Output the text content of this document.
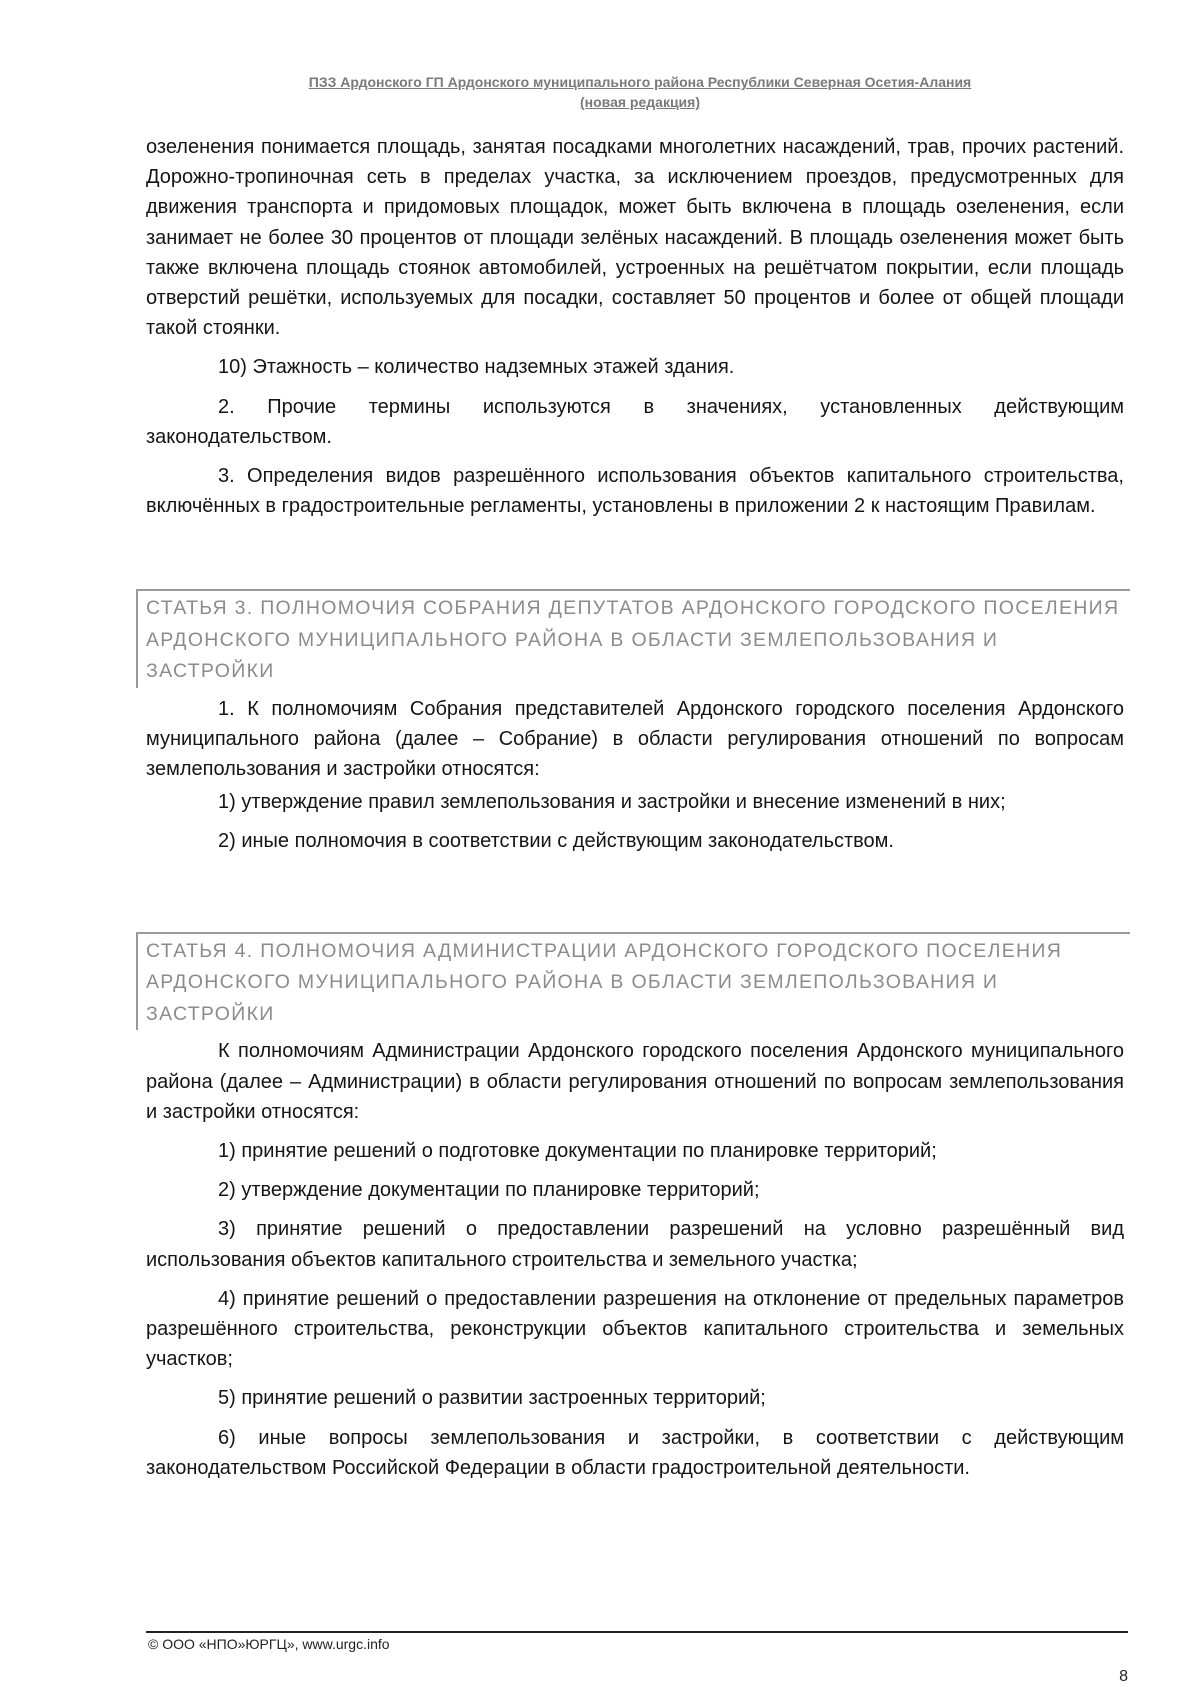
ПЗЗ Ардонского ГП Ардонского муниципального района Республики Северная Осетия-Алания
(новая редакция)

озеленения понимается площадь, занятая посадками многолетних насаждений, трав, прочих растений. Дорожно-тропиночная сеть в пределах участка, за исключением проездов, предусмотренных для движения транспорта и придомовых площадок, может быть включена в площадь озеленения, если занимает не более 30 процентов от площади зелёных насаждений. В площадь озеленения может быть также включена площадь стоянок автомобилей, устроенных на решётчатом покрытии, если площадь отверстий решётки, используемых для посадки, составляет 50 процентов и более от общей площади такой стоянки.

10) Этажность – количество надземных этажей здания.

2. Прочие термины используются в значениях, установленных действующим законодательством.

3. Определения видов разрешённого использования объектов капитального строительства, включённых в градостроительные регламенты, установлены в приложении 2 к настоящим Правилам.

СТАТЬЯ 3. ПОЛНОМОЧИЯ СОБРАНИЯ ДЕПУТАТОВ АРДОНСКОГО ГОРОДСКОГО ПОСЕЛЕНИЯ АРДОНСКОГО МУНИЦИПАЛЬНОГО РАЙОНА В ОБЛАСТИ ЗЕМЛЕПОЛЬЗОВАНИЯ И ЗАСТРОЙКИ

1. К полномочиям Собрания представителей Ардонского городского поселения Ардонского муниципального района (далее – Собрание) в области регулирования отношений по вопросам землепользования и застройки относятся:

1) утверждение правил землепользования и застройки и внесение изменений в них;

2) иные полномочия в соответствии с действующим законодательством.

СТАТЬЯ 4. ПОЛНОМОЧИЯ АДМИНИСТРАЦИИ АРДОНСКОГО ГОРОДСКОГО ПОСЕЛЕНИЯ АРДОНСКОГО МУНИЦИПАЛЬНОГО РАЙОНА В ОБЛАСТИ ЗЕМЛЕПОЛЬЗОВАНИЯ И ЗАСТРОЙКИ

К полномочиям Администрации Ардонского городского поселения Ардонского муниципального района (далее – Администрации) в области регулирования отношений по вопросам землепользования и застройки относятся:

1) принятие решений о подготовке документации по планировке территорий;

2) утверждение документации по планировке территорий;

3) принятие решений о предоставлении разрешений на условно разрешённый вид использования объектов капитального строительства и земельного участка;

4) принятие решений о предоставлении разрешения на отклонение от предельных параметров разрешённого строительства, реконструкции объектов капитального строительства и земельных участков;

5) принятие решений о развитии застроенных территорий;

6) иные вопросы землепользования и застройки, в соответствии с действующим законодательством Российской Федерации в области градостроительной деятельности.

© ООО «НПО»ЮРГЦ», www.urgc.info
8
